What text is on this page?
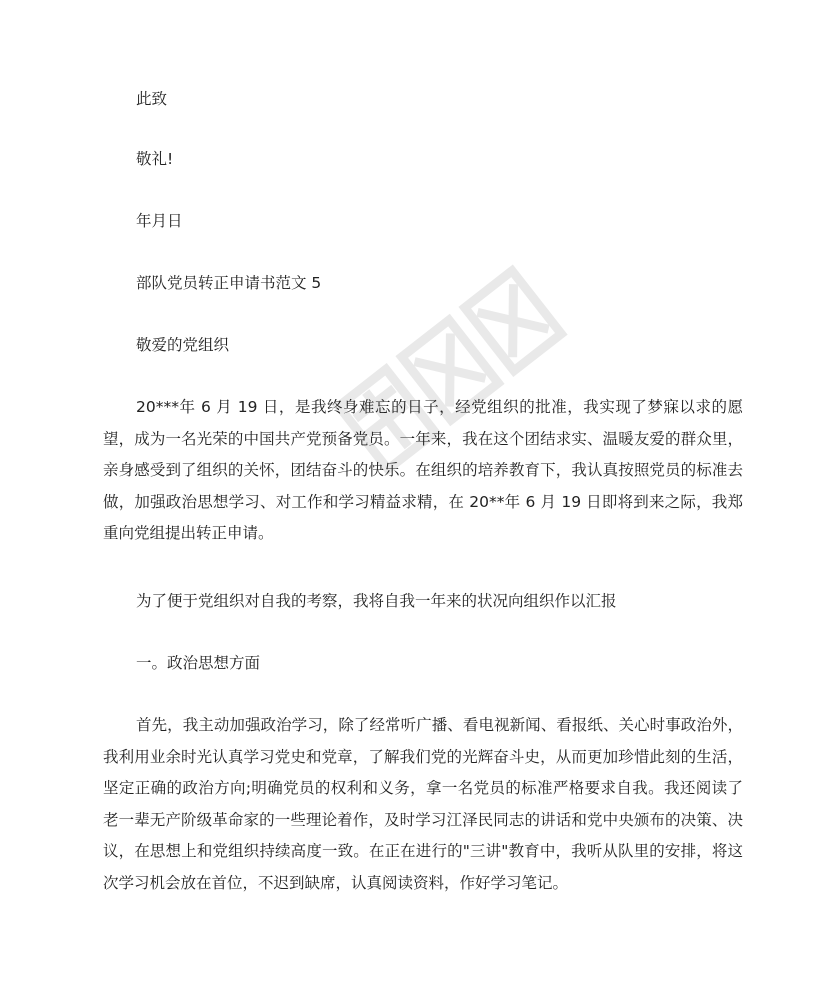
此致
敬礼!
年月日
部队党员转正申请书范文 5
敬爱的党组织
20***年 6 月 19 日，是我终身难忘的日子，经党组织的批准，我实现了梦寐以求的愿望，成为一名光荣的中国共产党预备党员。一年来，我在这个团结求实、温暖友爱的群众里，亲身感受到了组织的关怀，团结奋斗的快乐。在组织的培养教育下，我认真按照党员的标准去做，加强政治思想学习、对工作和学习精益求精，在 20**年 6 月 19 日即将到来之际，我郑重向党组提出转正申请。
为了便于党组织对自我的考察，我将自我一年来的状况向组织作以汇报
一。政治思想方面
首先，我主动加强政治学习，除了经常听广播、看电视新闻、看报纸、关心时事政治外，我利用业余时光认真学习党史和党章，了解我们党的光辉奋斗史，从而更加珍惜此刻的生活，坚定正确的政治方向;明确党员的权利和义务，拿一名党员的标准严格要求自我。我还阅读了老一辈无产阶级革命家的一些理论着作，及时学习江泽民同志的讲话和党中央颁布的决策、决议，在思想上和党组织持续高度一致。在正在进行的"三讲"教育中，我听从队里的安排，将这次学习机会放在首位，不迟到缺席，认真阅读资料，作好学习笔记。
